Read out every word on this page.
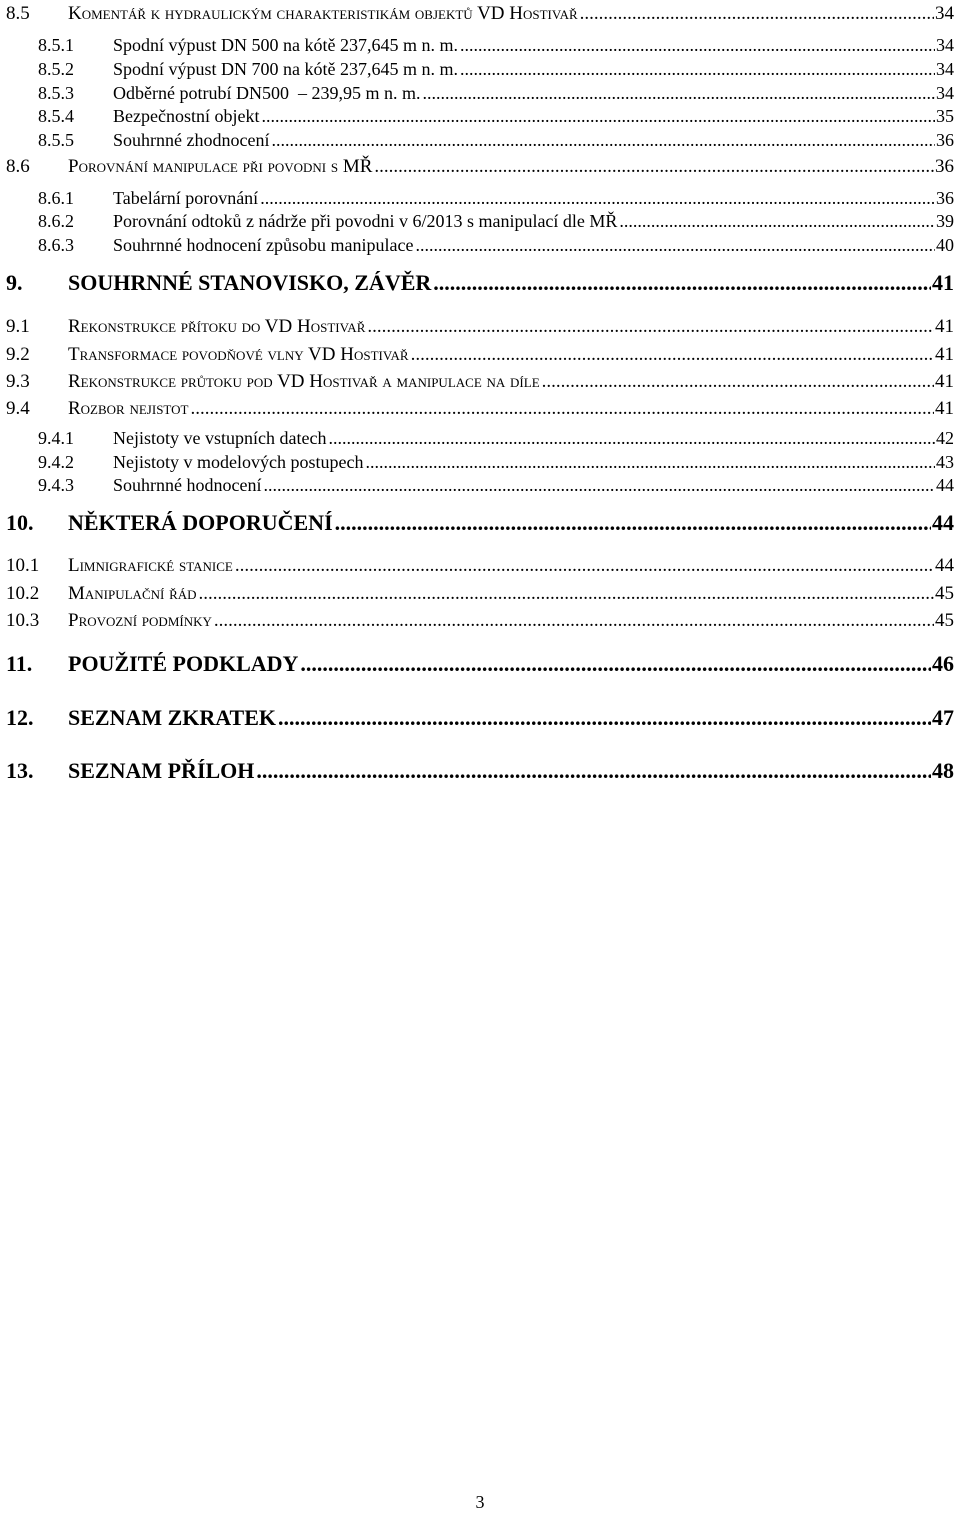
8.5	Komentář k hydraulickým charakteristikám objektů VD Hostivař .....	34
8.5.1	Spodní výpust DN 500 na kótě 237,645 m n. m. .....	34
8.5.2	Spodní výpust DN 700 na kótě 237,645 m n. m. .....	34
8.5.3	Odběrné potrubí DN500  – 239,95 m n. m. .....	34
8.5.4	Bezpečnostní objekt .....	35
8.5.5	Souhrnné zhodnocení .....	36
8.6	Porovnání manipulace při povodni s MŘ .....	36
8.6.1	Tabelární porovnání .....	36
8.6.2	Porovnání odtoků z nádrže při povodni v 6/2013 s manipulací dle MŘ .....	39
8.6.3	Souhrnné hodnocení způsobu manipulace .....	40
9.	SOUHRNNÉ STANOVISKO, ZÁVĚR .....	41
9.1	Rekonstrukce přítoku do VD Hostivař .....	41
9.2	Transformace povodňové vlny VD Hostivař .....	41
9.3	Rekonstrukce průtoku pod VD Hostivař a manipulace na díle .....	41
9.4	Rozbor nejistot .....	41
9.4.1	Nejistoty ve vstupních datech .....	42
9.4.2	Nejistoty v modelových postupech .....	43
9.4.3	Souhrnné hodnocení .....	44
10.	NĚKTERÁ DOPORUČENÍ .....	44
10.1	Limnigrafické stanice .....	44
10.2	Manipulační řád .....	45
10.3	Provozní podmínky .....	45
11.	POUŽITÉ PODKLADY .....	46
12.	SEZNAM ZKRATEK .....	47
13.	SEZNAM PŘÍLOH .....	48
3
